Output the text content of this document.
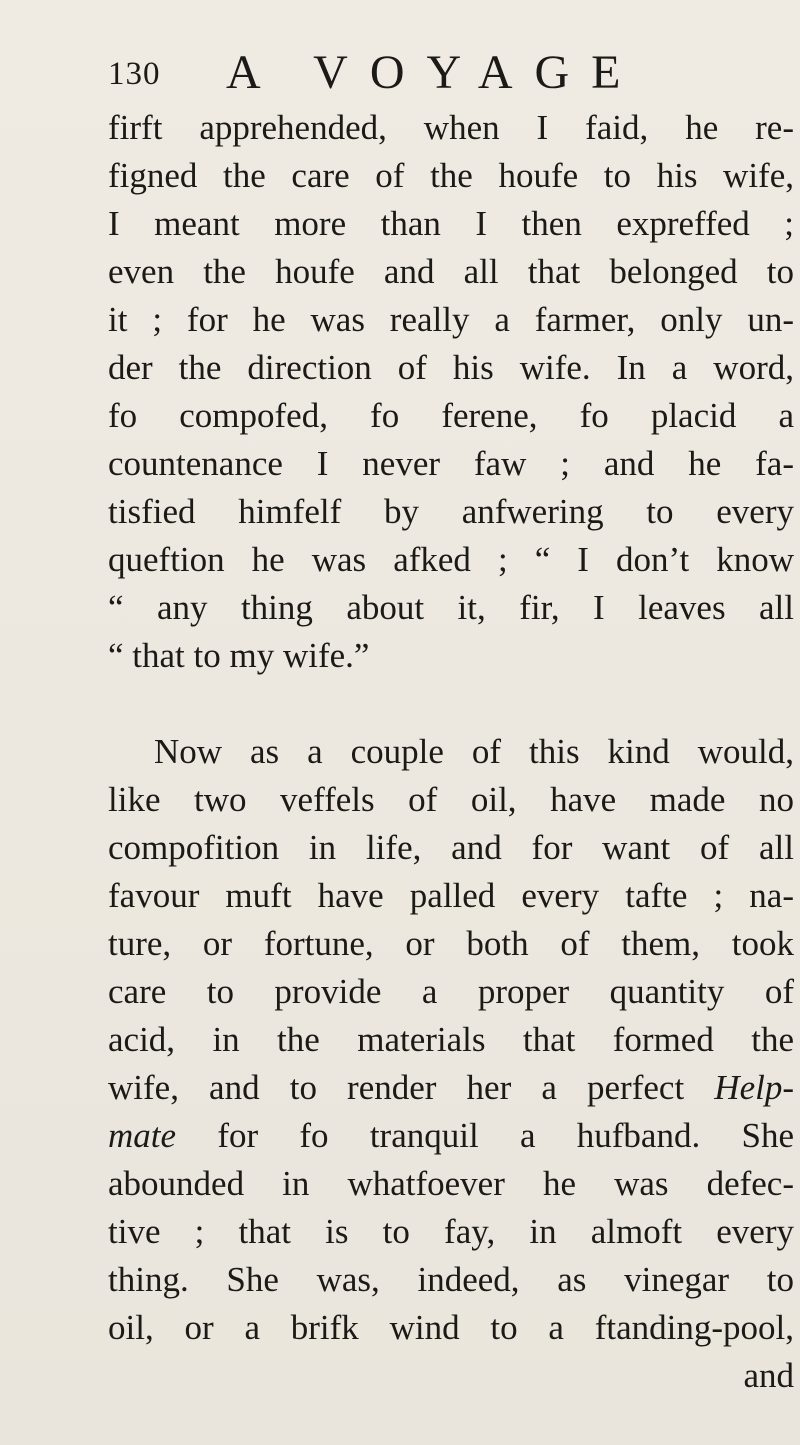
130 A VOYAGE
firft apprehended, when I faid, he re-
figned the care of the houfe to his wife,
I meant more than I then expreffed ;
even the houfe and all that belonged to
it ; for he was really a farmer, only un-
der the direction of his wife. In a word,
fo compofed, fo ferene, fo placid a
countenance I never faw ; and he fa-
tisfied himfelf by anfwering to every
queftion he was afked ; “ I don’t know
“ any thing about it, fir, I leaves all
“ that to my wife.”
Now as a couple of this kind would,
like two veffels of oil, have made no
compofition in life, and for want of all
favour muft have palled every tafte ; na-
ture, or fortune, or both of them, took
care to provide a proper quantity of
acid, in the materials that formed the
wife, and to render her a perfect Help-
mate for fo tranquil a hufband. She
abounded in whatfoever he was defec-
tive ; that is to fay, in almoft every
thing. She was, indeed, as vinegar to
oil, or a brifk wind to a ftanding-pool,
and
